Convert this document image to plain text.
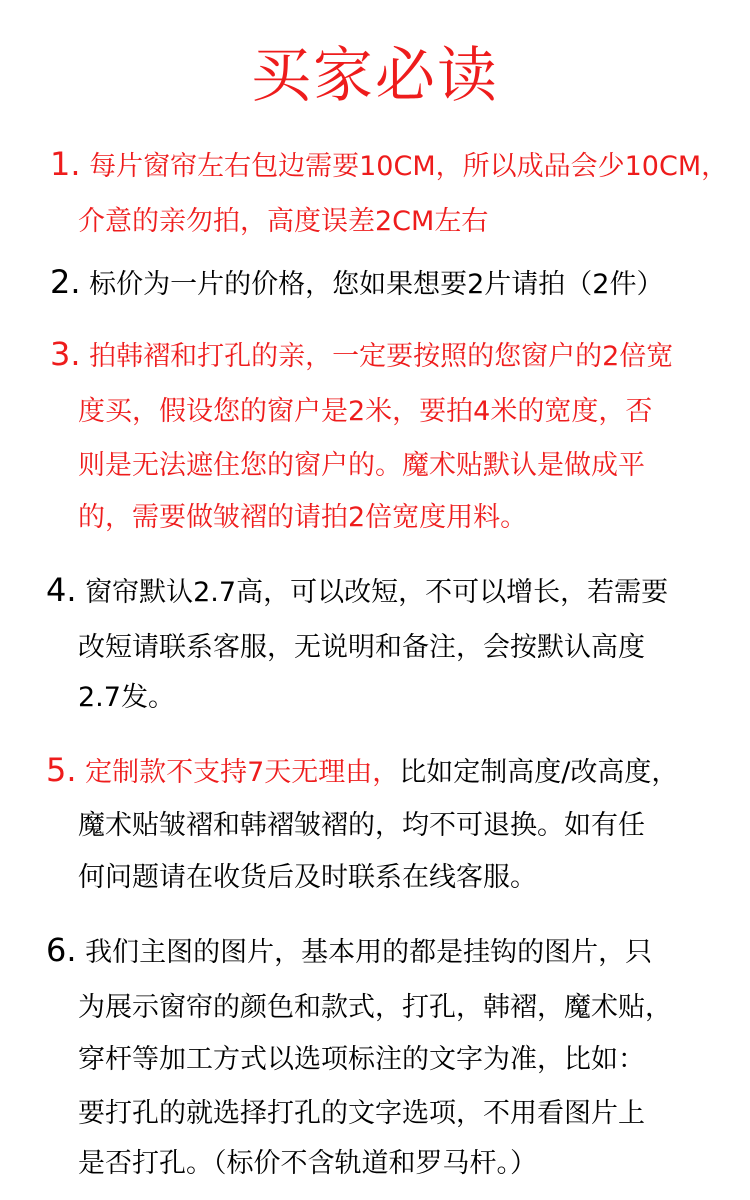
买家必读
1. 每片窗帘左右包边需要10CM，所以成品会少10CM，
介意的亲勿拍，高度误差2CM左右
2. 标价为一片的价格，您如果想要2片请拍（2件）
3. 拍韩褶和打孔的亲，一定要按照的您窗户的2倍宽
度买，假设您的窗户是2米，要拍4米的宽度，否
则是无法遮住您的窗户的。魔术贴默认是做成平
的，需要做皱褶的请拍2倍宽度用料。
4. 窗帘默认2.7高，可以改短，不可以增长，若需要
改短请联系客服，无说明和备注，会按默认高度
2.7发。
5. 定制款不支持7天无理由，比如定制高度/改高度，
魔术贴皱褶和韩褶皱褶的，均不可退换。如有任
何问题请在收货后及时联系在线客服。
6. 我们主图的图片，基本用的都是挂钩的图片，只
为展示窗帘的颜色和款式，打孔，韩褶，魔术贴，
穿杆等加工方式以选项标注的文字为准，比如：
要打孔的就选择打孔的文字选项，不用看图片上
是否打孔。（标价不含轨道和罗马杆。）
